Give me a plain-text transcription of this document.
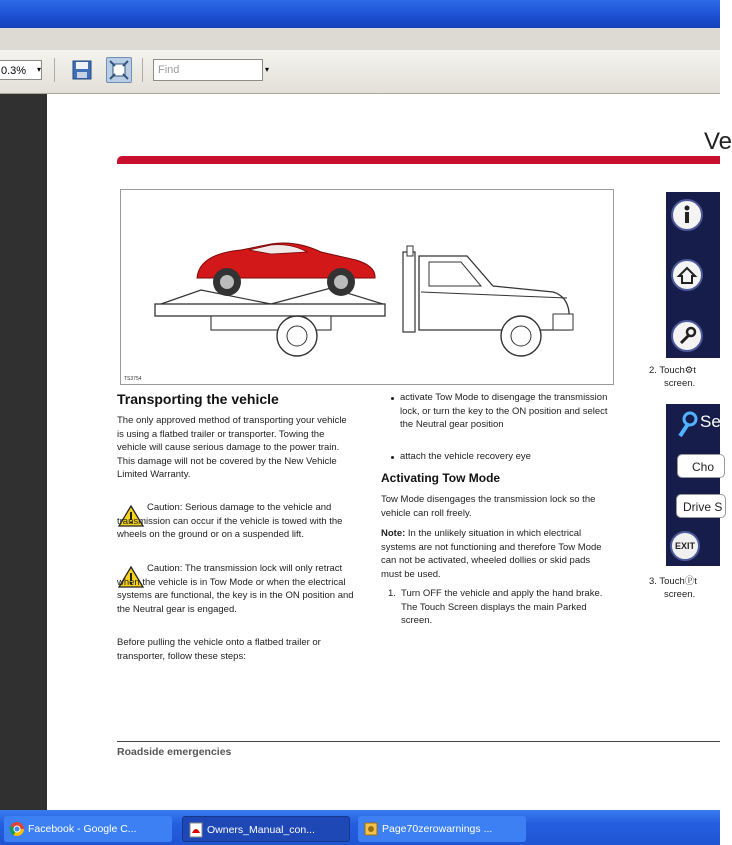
0.3%	▾	Find	▾
Ve
TS3754
Transporting the vehicle
The only approved method of transporting your vehicle is using a flatbed trailer or transporter. Towing the vehicle will cause serious damage to the power train. This damage will not be covered by the New Vehicle Limited Warranty.
Caution: Serious damage to the vehicle and transmission can occur if the vehicle is towed with the wheels on the ground or on a suspended lift.
Caution: The transmission lock will only retract when the vehicle is in Tow Mode or when the electrical systems are functional, the key is in the ON position and the Neutral gear is engaged.
Before pulling the vehicle onto a flatbed trailer or transporter, follow these steps:
activate Tow Mode to disengage the transmission lock, or turn the key to the ON position and select the Neutral gear position
attach the vehicle recovery eye
Activating Tow Mode
Tow Mode disengages the transmission lock so the vehicle can roll freely.
Note: In the unlikely situation in which electrical systems are not functioning and therefore Tow Mode can not be activated, wheeled dollies or skid pads must be used.
1. Turn OFF the vehicle and apply the hand brake. The Touch Screen displays the main Parked screen.
2. Touch⚙t
screen.
Se
Cho
Drive S
EXIT
3. TouchⓅt
screen.
Roadside emergencies
Facebook - Google C...	Owners_Manual_con...	Page70zerowarnings ...
